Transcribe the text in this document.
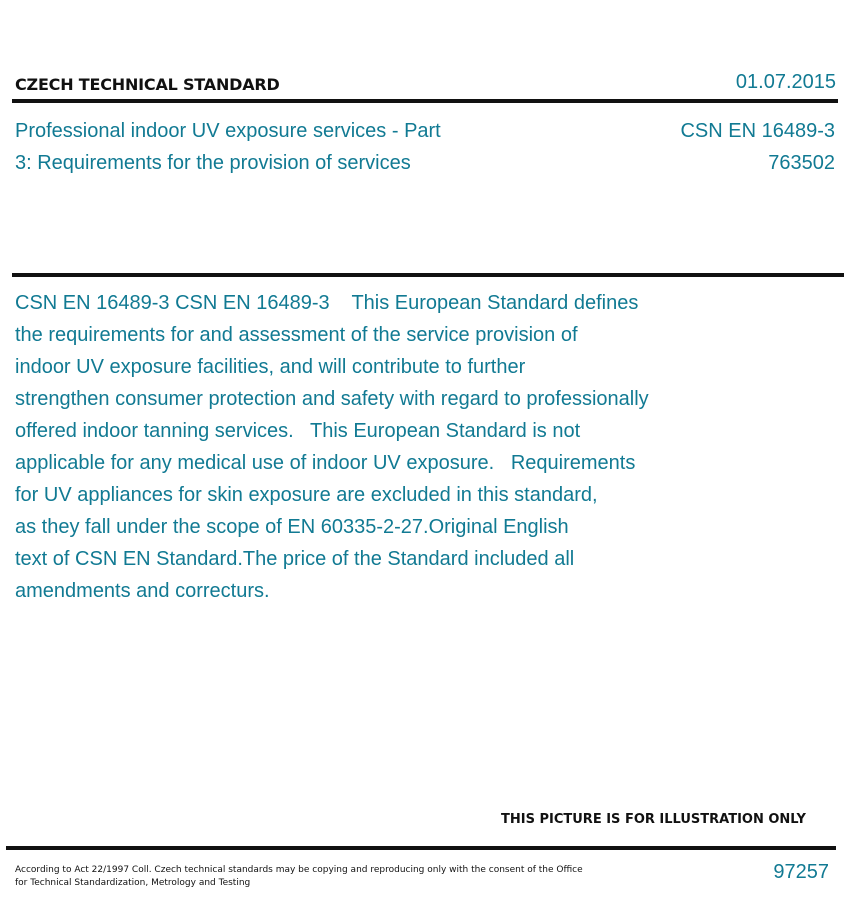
CZECH TECHNICAL STANDARD	01.07.2015
Professional indoor UV exposure services - Part
3: Requirements for the provision of services
CSN EN 16489-3
763502
CSN EN 16489-3 CSN EN 16489-3    This European Standard defines
the requirements for and assessment of the service provision of
indoor UV exposure facilities, and will contribute to further
strengthen consumer protection and safety with regard to professionally
offered indoor tanning services.   This European Standard is not
applicable for any medical use of indoor UV exposure.   Requirements
for UV appliances for skin exposure are excluded in this standard,
as they fall under the scope of EN 60335-2-27.Original English
text of CSN EN Standard.The price of the Standard included all
amendments and correcturs.
THIS PICTURE IS FOR ILLUSTRATION ONLY
According to Act 22/1997 Coll. Czech technical standards may be copying and reproducing only with the consent of the Office
for Technical Standardization, Metrology and Testing	97257
